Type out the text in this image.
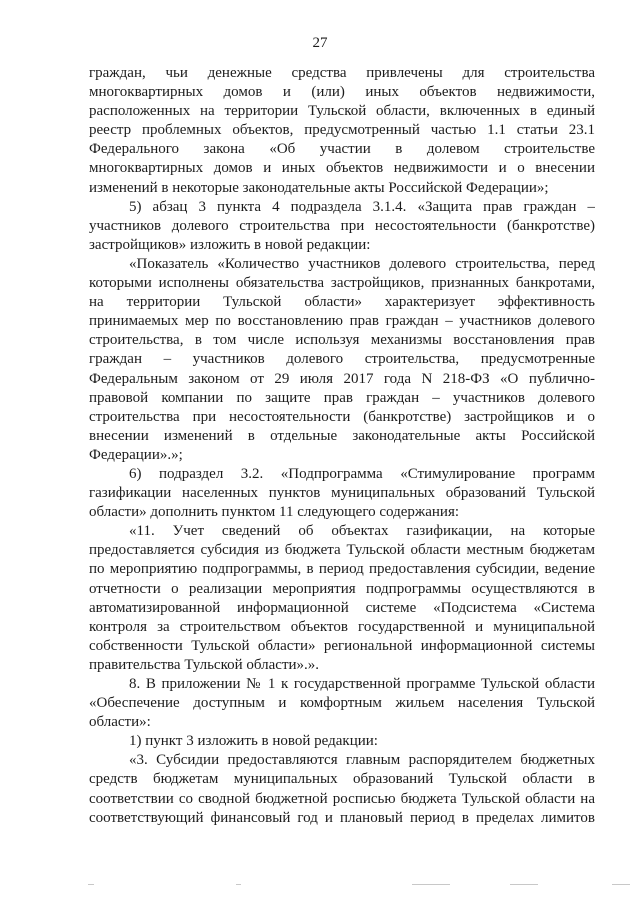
27
граждан, чьи денежные средства привлечены для строительства
многоквартирных домов и (или) иных объектов недвижимости,
расположенных на территории Тульской области, включенных в единый
реестр проблемных объектов, предусмотренный частью 1.1 статьи 23.1
Федерального закона «Об участии в долевом строительстве
многоквартирных домов и иных объектов недвижимости и о внесении
изменений в некоторые законодательные акты Российской Федерации»;
5) абзац 3 пункта 4 подраздела 3.1.4. «Защита прав граждан –
участников долевого строительства при несостоятельности (банкротстве)
застройщиков» изложить в новой редакции:
«Показатель «Количество участников долевого строительства, перед
которыми исполнены обязательства застройщиков, признанных банкротами,
на территории Тульской области» характеризует эффективность
принимаемых мер по восстановлению прав граждан – участников долевого
строительства, в том числе используя механизмы восстановления прав
граждан – участников долевого строительства, предусмотренные
Федеральным законом от 29 июля 2017 года N 218-ФЗ «О публично-
правовой компании по защите прав граждан – участников долевого
строительства при несостоятельности (банкротстве) застройщиков и о
внесении изменений в отдельные законодательные акты Российской
Федерации».»;
6) подраздел 3.2. «Подпрограмма «Стимулирование программ
газификации населенных пунктов муниципальных образований Тульской
области» дополнить пунктом 11 следующего содержания:
«11. Учет сведений об объектах газификации, на которые
предоставляется субсидия из бюджета Тульской области местным бюджетам
по мероприятию подпрограммы, в период предоставления субсидии, ведение
отчетности о реализации мероприятия подпрограммы осуществляются в
автоматизированной информационной системе «Подсистема «Система
контроля за строительством объектов государственной и муниципальной
собственности Тульской области» региональной информационной системы
правительства Тульской области».».
8. В приложении № 1 к государственной программе Тульской области
«Обеспечение доступным и комфортным жильем населения Тульской
области»:
1) пункт 3 изложить в новой редакции:
«3. Субсидии предоставляются главным распорядителем бюджетных
средств бюджетам муниципальных образований Тульской области в
соответствии со сводной бюджетной росписью бюджета Тульской области на
соответствующий финансовый год и плановый период в пределах лимитов
